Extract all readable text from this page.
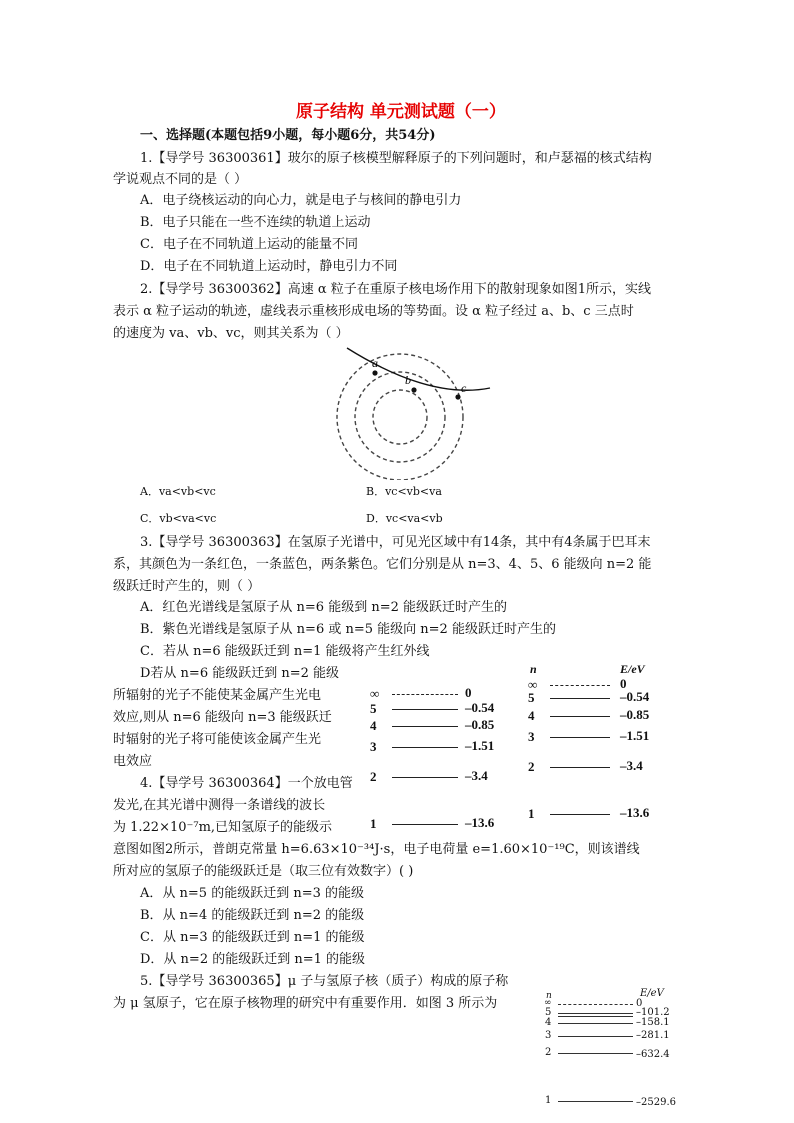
原子结构 单元测试题（一）
一、选择题(本题包括9小题，每小题6分，共54分)
1.【导学号 36300361】玻尔的原子核模型解释原子的下列问题时，和卢瑟福的核式结构
学说观点不同的是（ ）
A．电子绕核运动的向心力，就是电子与核间的静电引力
B．电子只能在一些不连续的轨道上运动
C．电子在不同轨道上运动的能量不同
D．电子在不同轨道上运动时，静电引力不同
2.【导学号 36300362】高速 α 粒子在重原子核电场作用下的散射现象如图1所示，实线
表示 α 粒子运动的轨迹，虚线表示重核形成电场的等势面。设 α 粒子经过 a、b、c 三点时
的速度为 va、vb、vc，则其关系为（ ）
a
b
c
A．va<vb<vc	B．vc<vb<va
C．vb<va<vc	D．vc<va<vb
3.【导学号 36300363】在氢原子光谱中，可见光区域中有14条，其中有4条属于巴耳末
系，其颜色为一条红色，一条蓝色，两条紫色。它们分别是从 n=3、4、5、6 能级向 n=2 能
级跃迁时产生的，则（ ）
A．红色光谱线是氢原子从 n=6 能级到 n=2 能级跃迁时产生的
B．紫色光谱线是氢原子从 n=6 或 n=5 能级向 n=2 能级跃迁时产生的
C．若从 n=6 能级跃迁到 n=1 能级将产生红外线
D若从 n=6 能级跃迁到 n=2 能级
所辐射的光子不能使某金属产生光电
效应,则从 n=6 能级向 n=3 能级跃迁
时辐射的光子将可能使该金属产生光
电效应
∞	0
5	–0.54
4	–0.85
3	–1.51
2	–3.4
1	–13.6
n	E/eV
∞	0
5	–0.54
4	–0.85
3	–1.51
2	–3.4
1	–13.6
4.【导学号 36300364】一个放电管
发光,在其光谱中测得一条谱线的波长
为 1.22×10⁻⁷m,已知氢原子的能级示
意图如图2所示，普朗克常量 h=6.63×10⁻³⁴J·s，电子电荷量 e=1.60×10⁻¹⁹C，则该谱线
所对应的氢原子的能级跃迁是（取三位有效数字）( )
A．从 n=5 的能级跃迁到 n=3 的能级
B．从 n=4 的能级跃迁到 n=2 的能级
C．从 n=3 的能级跃迁到 n=1 的能级
D．从 n=2 的能级跃迁到 n=1 的能级
5.【导学号 36300365】μ 子与氢原子核（质子）构成的原子称
为 μ 氢原子，它在原子核物理的研究中有重要作用．如图 3 所示为	n	E/eV
∞	0
5	–101.2
4	–158.1
3	–281.1
2	–632.4
1	–2529.6
